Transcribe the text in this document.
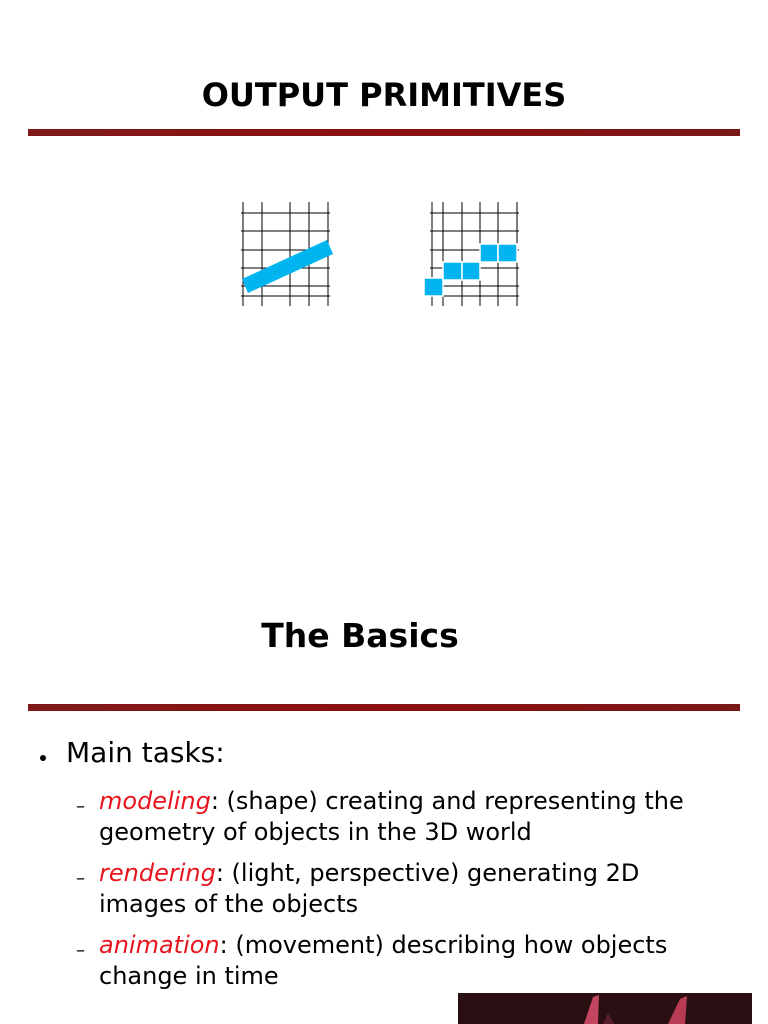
OUTPUT PRIMITIVES
The Basics
Main tasks:
– modeling: (shape) creating and representing the geometry of objects in the 3D world
– rendering: (light, perspective) generating 2D images of the objects
– animation: (movement) describing how objects change in time
